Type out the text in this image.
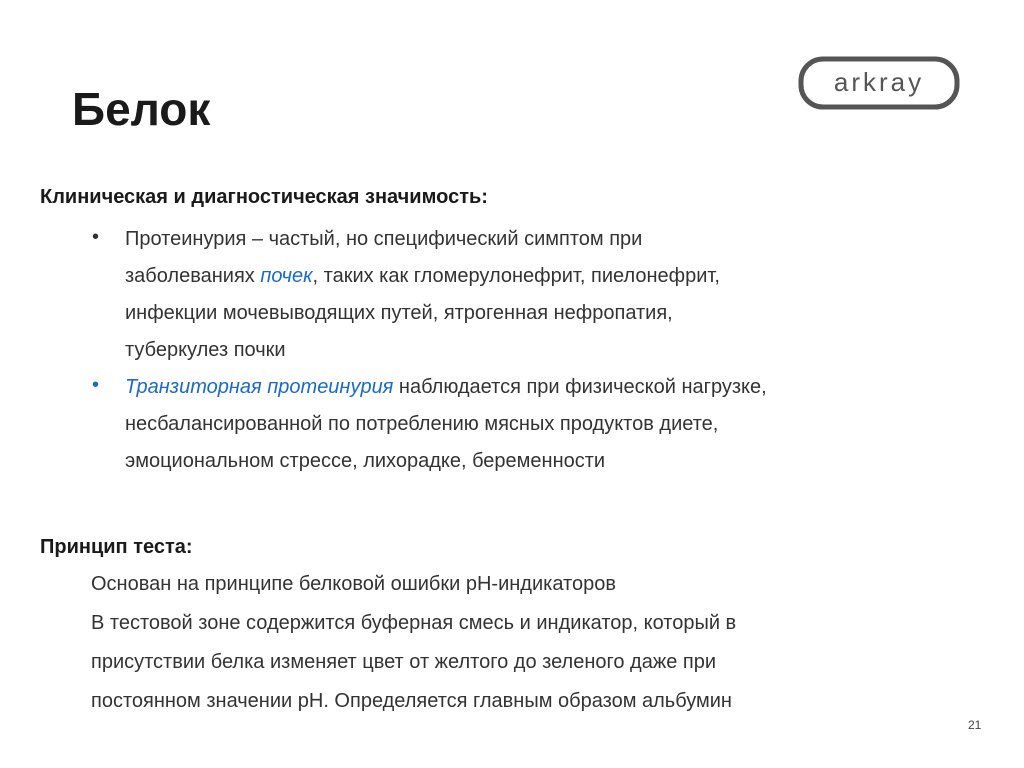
Белок
arkray
Клиническая и диагностическая значимость:
• Протеинурия – частый, но специфический симптом при
заболеваниях почек, таких как гломерулонефрит, пиелонефрит,
инфекции мочевыводящих путей, ятрогенная нефропатия,
туберкулез почки
• Транзиторная протеинурия наблюдается при физической нагрузке,
несбалансированной по потреблению мясных продуктов диете,
эмоциональном стрессе, лихорадке, беременности
Принцип теста:
Основан на принципе белковой ошибки pH-индикаторов
В тестовой зоне содержится буферная смесь и индикатор, который в
присутствии белка изменяет цвет от желтого до зеленого даже при
постоянном значении pH. Определяется главным образом альбумин
21
